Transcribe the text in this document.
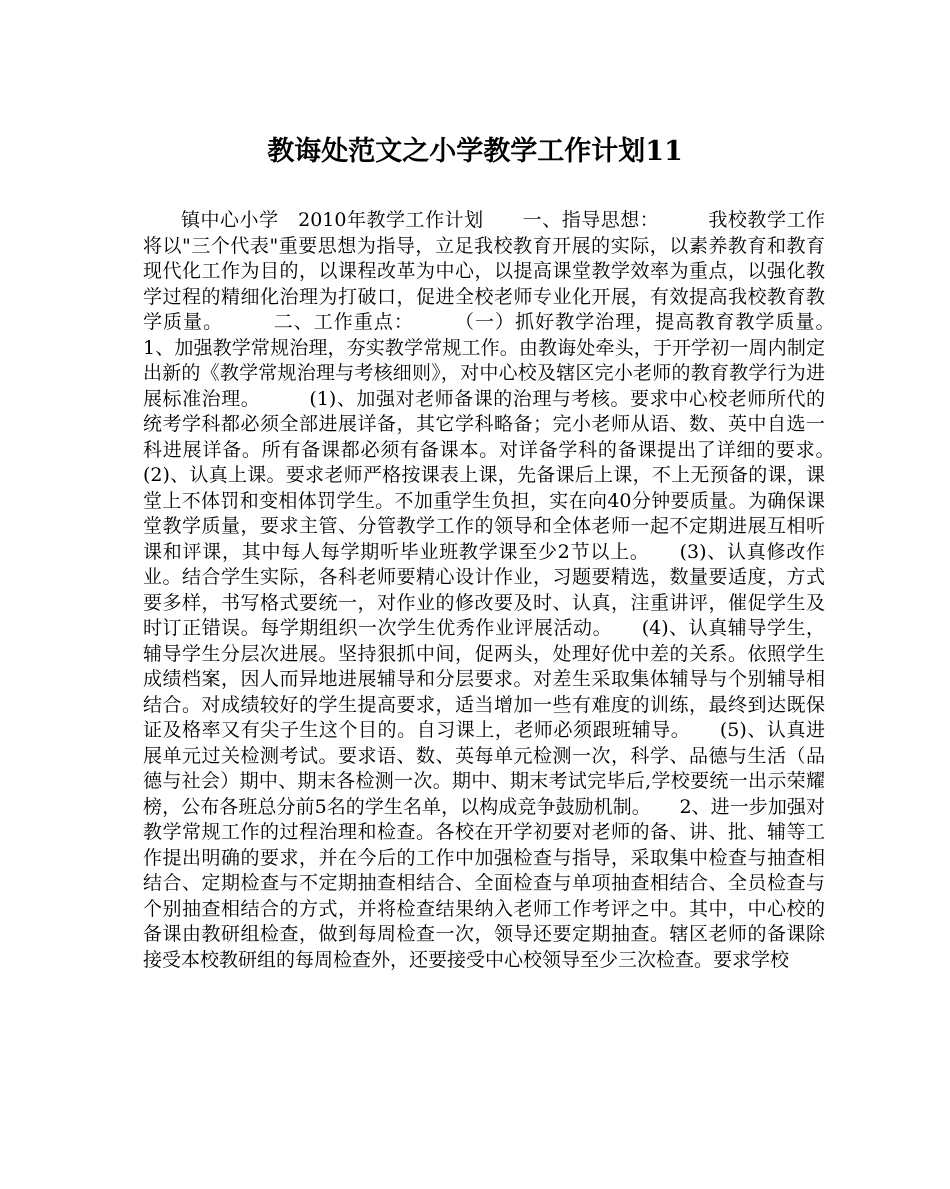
教诲处范文之小学教学工作计划11

镇中心小学　2010年教学工作计划　　一、指导思想：　　　我校教学工作将以"三个代表"重要思想为指导，立足我校教育开展的实际，以素养教育和教育现代化工作为目的，以课程改革为中心，以提高课堂教学效率为重点，以强化教学过程的精细化治理为打破口，促进全校老师专业化开展，有效提高我校教育教学质量。　　　二、工作重点：　　　（一）抓好教学治理，提高教育教学质量。　　1、加强教学常规治理，夯实教学常规工作。由教诲处牵头，于开学初一周内制定出新的《教学常规治理与考核细则》，对中心校及辖区完小老师的教育教学行为进展标准治理。　　　(1)、加强对老师备课的治理与考核。要求中心校老师所代的统考学科都必须全部进展详备，其它学科略备；完小老师从语、数、英中自选一科进展详备。所有备课都必须有备课本。对详备学科的备课提出了详细的要求。　　(2)、认真上课。要求老师严格按课表上课，先备课后上课，不上无预备的课，课堂上不体罚和变相体罚学生。不加重学生负担，实在向40分钟要质量。为确保课堂教学质量，要求主管、分管教学工作的领导和全体老师一起不定期进展互相听课和评课，其中每人每学期听毕业班教学课至少2节以上。　　(3)、认真修改作业。结合学生实际，各科老师要精心设计作业，习题要精选，数量要适度，方式要多样，书写格式要统一，对作业的修改要及时、认真，注重讲评，催促学生及时订正错误。每学期组织一次学生优秀作业评展活动。　　(4)、认真辅导学生，辅导学生分层次进展。坚持狠抓中间，促两头，处理好优中差的关系。依照学生成绩档案，因人而异地进展辅导和分层要求。对差生采取集体辅导与个别辅导相结合。对成绩较好的学生提高要求，适当增加一些有难度的训练，最终到达既保证及格率又有尖子生这个目的。自习课上，老师必须跟班辅导。　　(5)、认真进展单元过关检测考试。要求语、数、英每单元检测一次，科学、品德与生活（品德与社会）期中、期末各检测一次。期中、期末考试完毕后,学校要统一出示荣耀榜，公布各班总分前5名的学生名单，以构成竞争鼓励机制。　　2、进一步加强对教学常规工作的过程治理和检查。各校在开学初要对老师的备、讲、批、辅等工作提出明确的要求，并在今后的工作中加强检查与指导，采取集中检查与抽查相结合、定期检查与不定期抽查相结合、全面检查与单项抽查相结合、全员检查与个别抽查相结合的方式，并将检查结果纳入老师工作考评之中。其中，中心校的备课由教研组检查，做到每周检查一次，领导还要定期抽查。辖区老师的备课除接受本校教研组的每周检查外，还要接受中心校领导至少三次检查。要求学校
